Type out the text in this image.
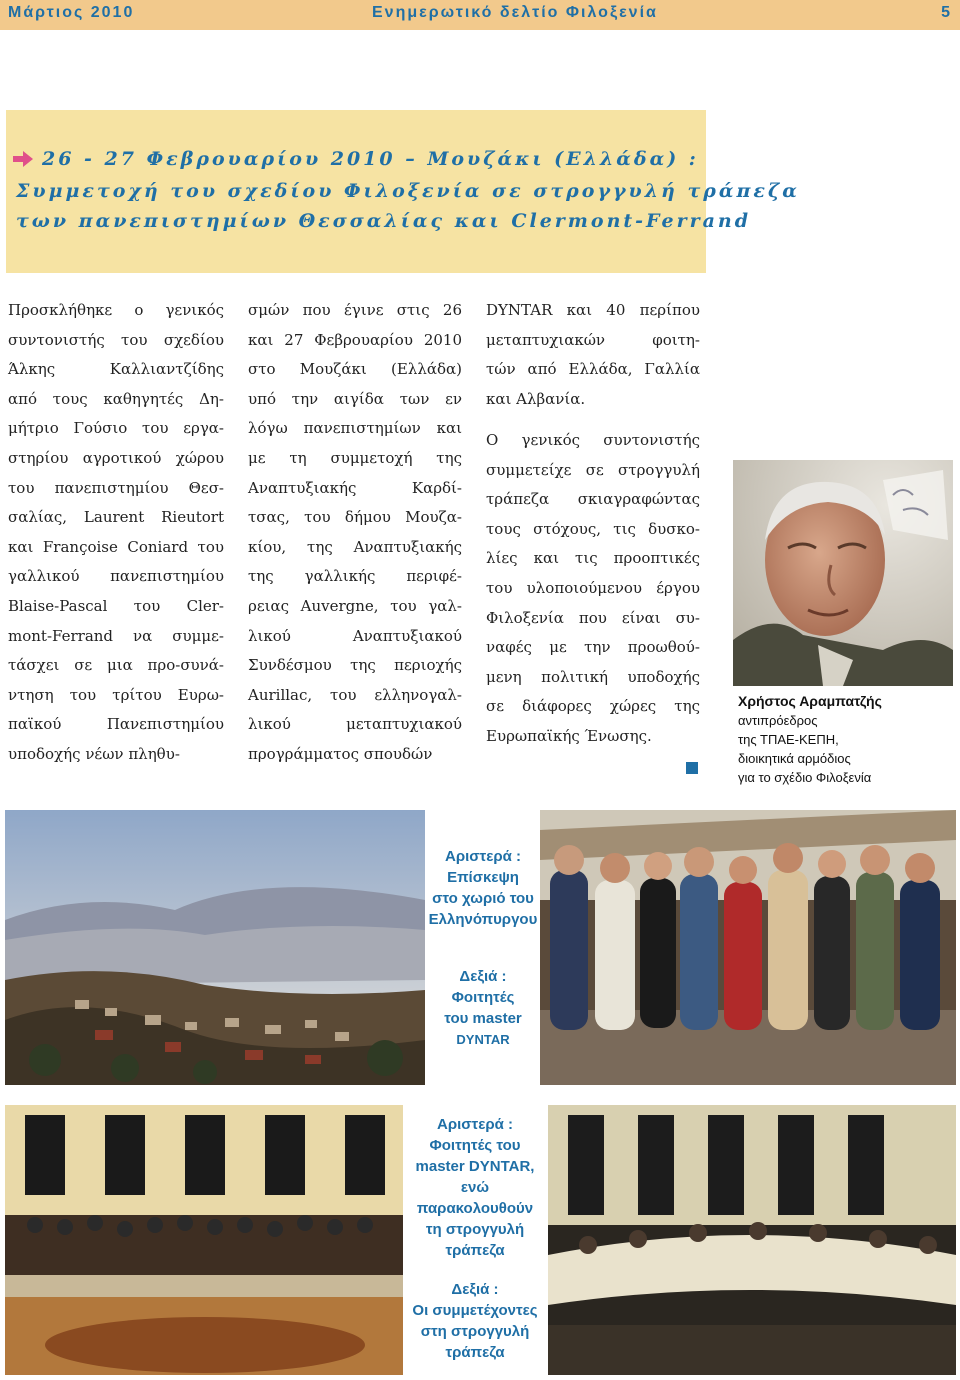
Μάρτιος 2010	Ενημερωτικό δελτίο Φιλοξενία	5
26 - 27 Φεβρουαρίου 2010 – Μουζάκι (Ελλάδα) :
Συμμετοχή του σχεδίου Φιλοξενία σε στρογγυλή τράπεζα
των πανεπιστημίων Θεσσαλίας και Clermont-Ferrand
Προσκλήθηκε ο γενικός
συντονιστής του σχεδίου
Άλκης Καλλιαντζίδης
από τους καθηγητές Δη-
μήτριο Γούσιο του εργα-
στηρίου αγροτικού χώρου
του πανεπιστημίου Θεσ-
σαλίας, Laurent Rieutort
και Françoise Coniard του
γαλλικού πανεπιστημίου
Blaise-Pascal του Cler-
mont-Ferrand να συμμε-
τάσχει σε μια προ-συνά-
ντηση του τρίτου Ευρω-
παϊκού Πανεπιστημίου
υποδοχής νέων πληθυ-
σμών που έγινε στις 26
και 27 Φεβρουαρίου 2010
στο Μουζάκι (Ελλάδα)
υπό την αιγίδα των εν
λόγω πανεπιστημίων και
με τη συμμετοχή της
Αναπτυξιακής Καρδί-
τσας, του δήμου Μουζα-
κίου, της Αναπτυξιακής
της γαλλικής περιφέ-
ρειας Auvergne, του γαλ-
λικού Αναπτυξιακού
Συνδέσμου της περιοχής
Aurillac, του ελληνογαλ-
λικού μεταπτυχιακού
προγράμματος σπουδών
DYNTAR και 40 περίπου
μεταπτυχιακών φοιτη-
τών από Ελλάδα, Γαλλία
και Αλβανία.
Ο γενικός συντονιστής
συμμετείχε σε στρογγυλή
τράπεζα σκιαγραφώντας
τους στόχους, τις δυσκο-
λίες και τις προοπτικές
του υλοποιούμενου έργου
Φιλοξενία που είναι συ-
ναφές με την προωθού-
μενη πολιτική υποδοχής
σε διάφορες χώρες της
Ευρωπαϊκής Ένωσης.
Χρήστος Αραμπατζής
αντιπρόεδρος
της ΤΠΑΕ-ΚΕΠΗ,
διοικητικά αρμόδιος
για το σχέδιο Φιλοξενία
Αριστερά :
Επίσκεψη
στο χωριό του
Ελληνόπυργου
Δεξιά :
Φοιτητές
του master
DYNTAR
Αριστερά :
Φοιτητές του
master DYNTAR,
ενώ
παρακολουθούν
τη στρογγυλή
τράπεζα
Δεξιά :
Οι συμμετέχοντες
στη στρογγυλή
τράπεζα
